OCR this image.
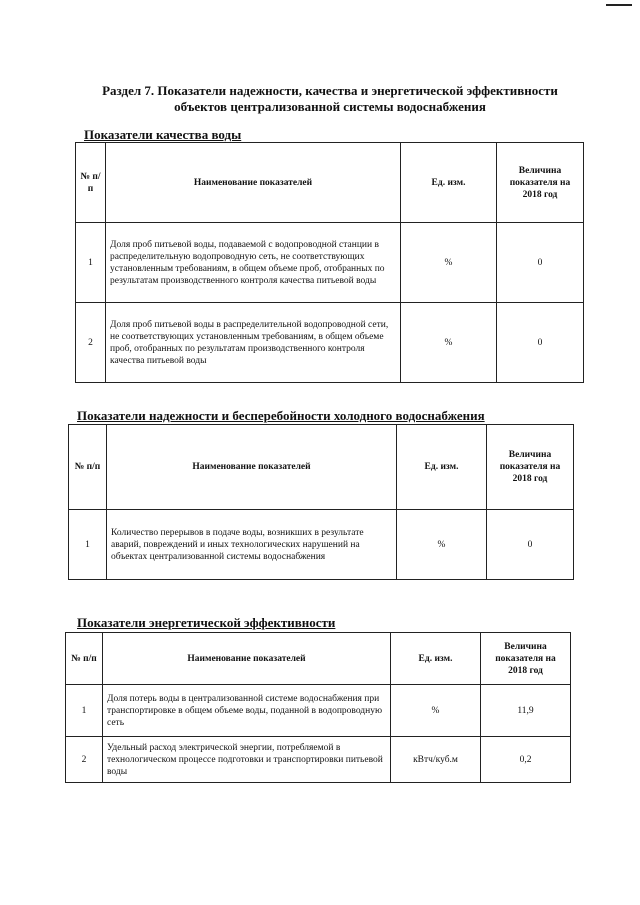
Раздел 7. Показатели надежности, качества и энергетической эффективности
объектов централизованной системы водоснабжения
Показатели качества воды
№ п/п	Наименование показателей	Ед. изм.	Величина показателя на 2018 год
1	Доля проб питьевой воды, подаваемой с водопроводной станции в распределительную водопроводную сеть, не соответствующих установленным требованиям, в общем объеме проб, отобранных по результатам производственного контроля качества питьевой воды	%	0
2	Доля проб питьевой воды в распределительной водопроводной сети, не соответствующих установленным требованиям, в общем объеме проб, отобранных по результатам производственного контроля качества питьевой воды	%	0
Показатели надежности и бесперебойности холодного водоснабжения
№ п/п	Наименование показателей	Ед. изм.	Величина показателя на 2018 год
1	Количество перерывов в подаче воды, возникших в результате аварий, повреждений и иных технологических нарушений на объектах централизованной системы водоснабжения	%	0
Показатели энергетической эффективности
№ п/п	Наименование показателей	Ед. изм.	Величина показателя на 2018 год
1	Доля потерь воды в централизованной системе водоснабжения при транспортировке в общем объеме воды, поданной в водопроводную сеть	%	11,9
2	Удельный расход электрической энергии, потребляемой в технологическом процессе подготовки и транспортировки питьевой воды	кВтч/куб.м	0,2
